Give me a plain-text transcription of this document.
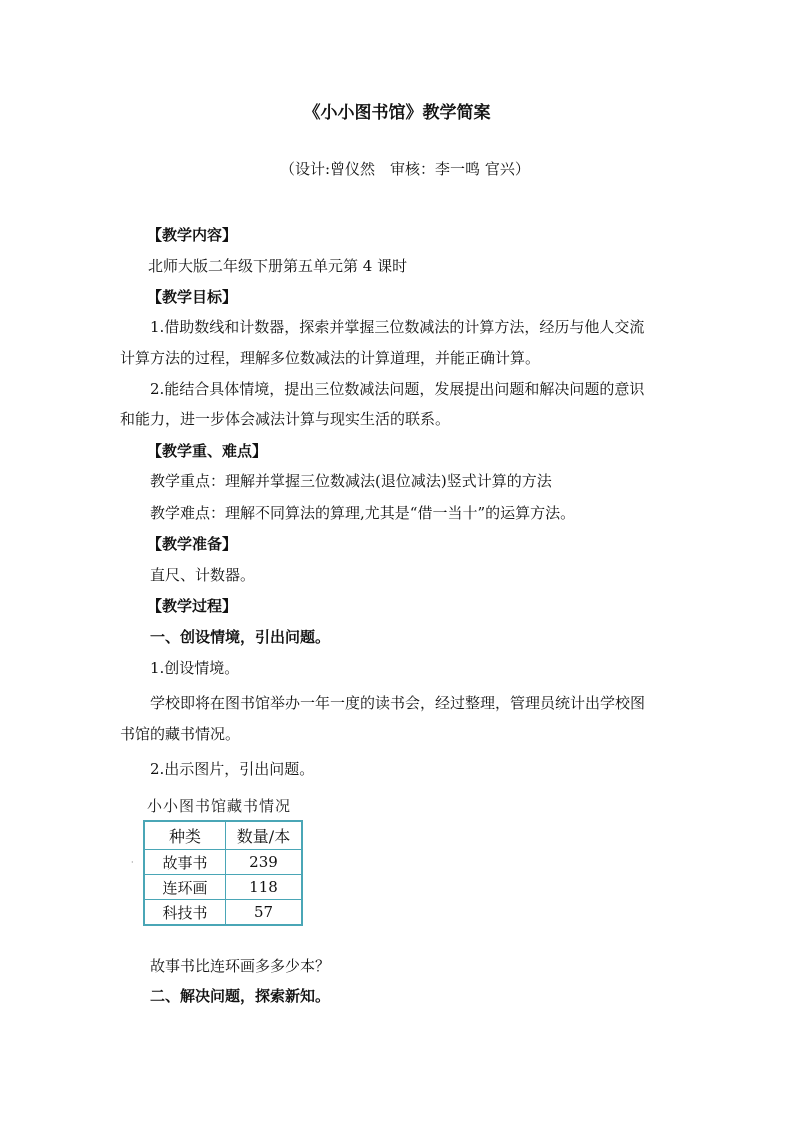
《小小图书馆》教学简案
（设计:曾仪然　审核：李一鸣 官兴）
【教学内容】
北师大版二年级下册第五单元第 4 课时
【教学目标】
1.借助数线和计数器，探索并掌握三位数减法的计算方法，经历与他人交流
计算方法的过程，理解多位数减法的计算道理，并能正确计算。
2.能结合具体情境，提出三位数减法问题，发展提出问题和解决问题的意识
和能力，进一步体会减法计算与现实生活的联系。
【教学重、难点】
教学重点：理解并掌握三位数减法(退位减法)竖式计算的方法
教学难点：理解不同算法的算理,尤其是“借一当十”的运算方法。
【教学准备】
直尺、计数器。
【教学过程】
一、创设情境，引出问题。
1.创设情境。
学校即将在图书馆举办一年一度的读书会，经过整理，管理员统计出学校图
书馆的藏书情况。
2.出示图片，引出问题。
小小图书馆藏书情况
·
种类	数量/本
故事书	239
连环画	118
科技书	57
故事书比连环画多多少本？
二、解决问题，探索新知。
